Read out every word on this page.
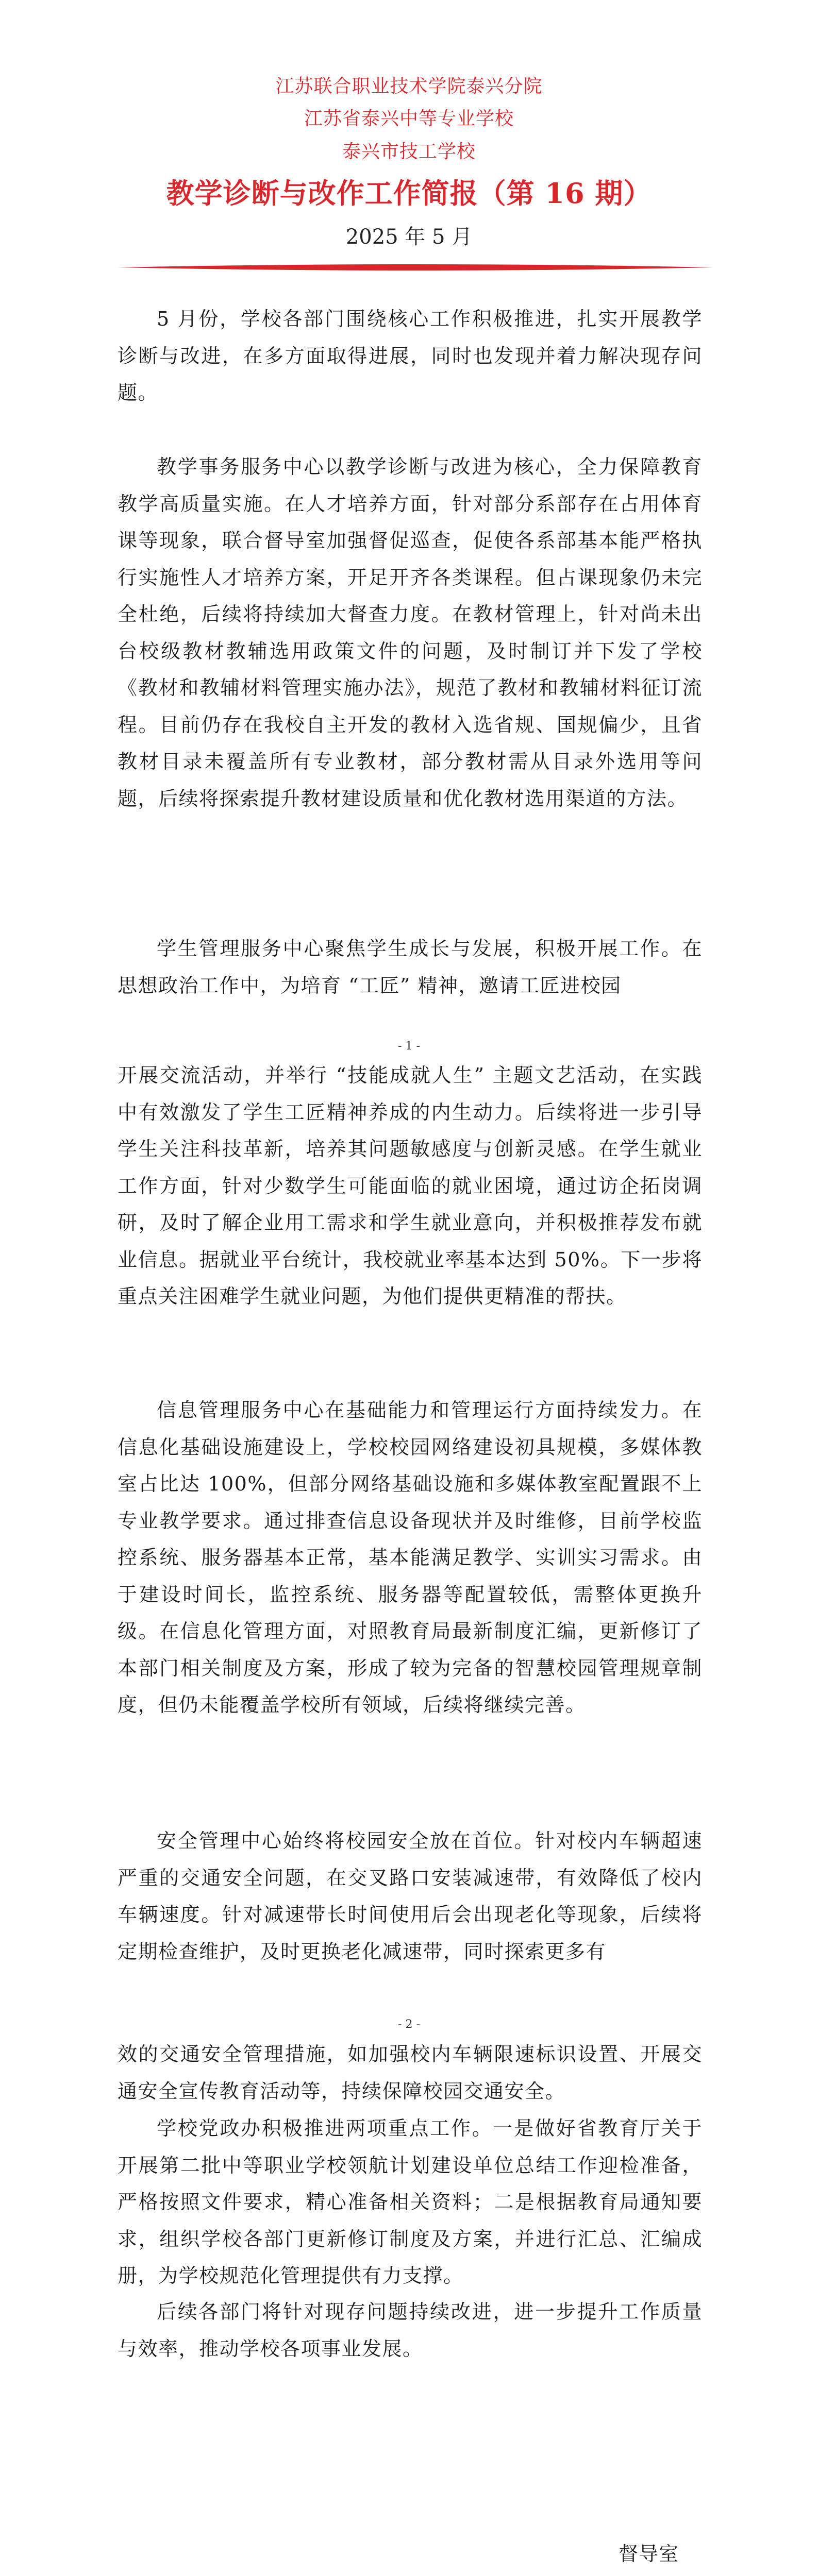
江苏联合职业技术学院泰兴分院
江苏省泰兴中等专业学校
泰兴市技工学校
教学诊断与改作工作简报（第 16 期）
2025 年 5 月

5 月份，学校各部门围绕核心工作积极推进，扎实开展教学诊断与改进，在多方面取得进展，同时也发现并着力解决现存问题。

教学事务服务中心以教学诊断与改进为核心，全力保障教育教学高质量实施。在人才培养方面，针对部分系部存在占用体育课等现象，联合督导室加强督促巡查，促使各系部基本能严格执行实施性人才培养方案，开足开齐各类课程。但占课现象仍未完全杜绝，后续将持续加大督查力度。在教材管理上，针对尚未出台校级教材教辅选用政策文件的问题，及时制订并下发了学校《教材和教辅材料管理实施办法》，规范了教材和教辅材料征订流程。目前仍存在我校自主开发的教材入选省规、国规偏少，且省教材目录未覆盖所有专业教材，部分教材需从目录外选用等问题，后续将探索提升教材建设质量和优化教材选用渠道的方法。

学生管理服务中心聚焦学生成长与发展，积极开展工作。在思想政治工作中，为培育 “工匠” 精神，邀请工匠进校园

- 1 -

开展交流活动，并举行 “技能成就人生” 主题文艺活动，在实践中有效激发了学生工匠精神养成的内生动力。后续将进一步引导学生关注科技革新，培养其问题敏感度与创新灵感。在学生就业工作方面，针对少数学生可能面临的就业困境，通过访企拓岗调研，及时了解企业用工需求和学生就业意向，并积极推荐发布就业信息。据就业平台统计，我校就业率基本达到 50%。下一步将重点关注困难学生就业问题，为他们提供更精准的帮扶。

信息管理服务中心在基础能力和管理运行方面持续发力。在信息化基础设施建设上，学校校园网络建设初具规模，多媒体教室占比达 100%，但部分网络基础设施和多媒体教室配置跟不上专业教学要求。通过排查信息设备现状并及时维修，目前学校监控系统、服务器基本正常，基本能满足教学、实训实习需求。由于建设时间长，监控系统、服务器等配置较低，需整体更换升级。在信息化管理方面，对照教育局最新制度汇编，更新修订了本部门相关制度及方案，形成了较为完备的智慧校园管理规章制度，但仍未能覆盖学校所有领域，后续将继续完善。

安全管理中心始终将校园安全放在首位。针对校内车辆超速严重的交通安全问题，在交叉路口安装减速带，有效降低了校内车辆速度。针对减速带长时间使用后会出现老化等现象，后续将定期检查维护，及时更换老化减速带，同时探索更多有

- 2 -

效的交通安全管理措施，如加强校内车辆限速标识设置、开展交通安全宣传教育活动等，持续保障校园交通安全。

学校党政办积极推进两项重点工作。一是做好省教育厅关于开展第二批中等职业学校领航计划建设单位总结工作迎检准备，严格按照文件要求，精心准备相关资料；二是根据教育局通知要求，组织学校各部门更新修订制度及方案，并进行汇总、汇编成册，为学校规范化管理提供有力支撑。

后续各部门将针对现存问题持续改进，进一步提升工作质量与效率，推动学校各项事业发展。

督导室
